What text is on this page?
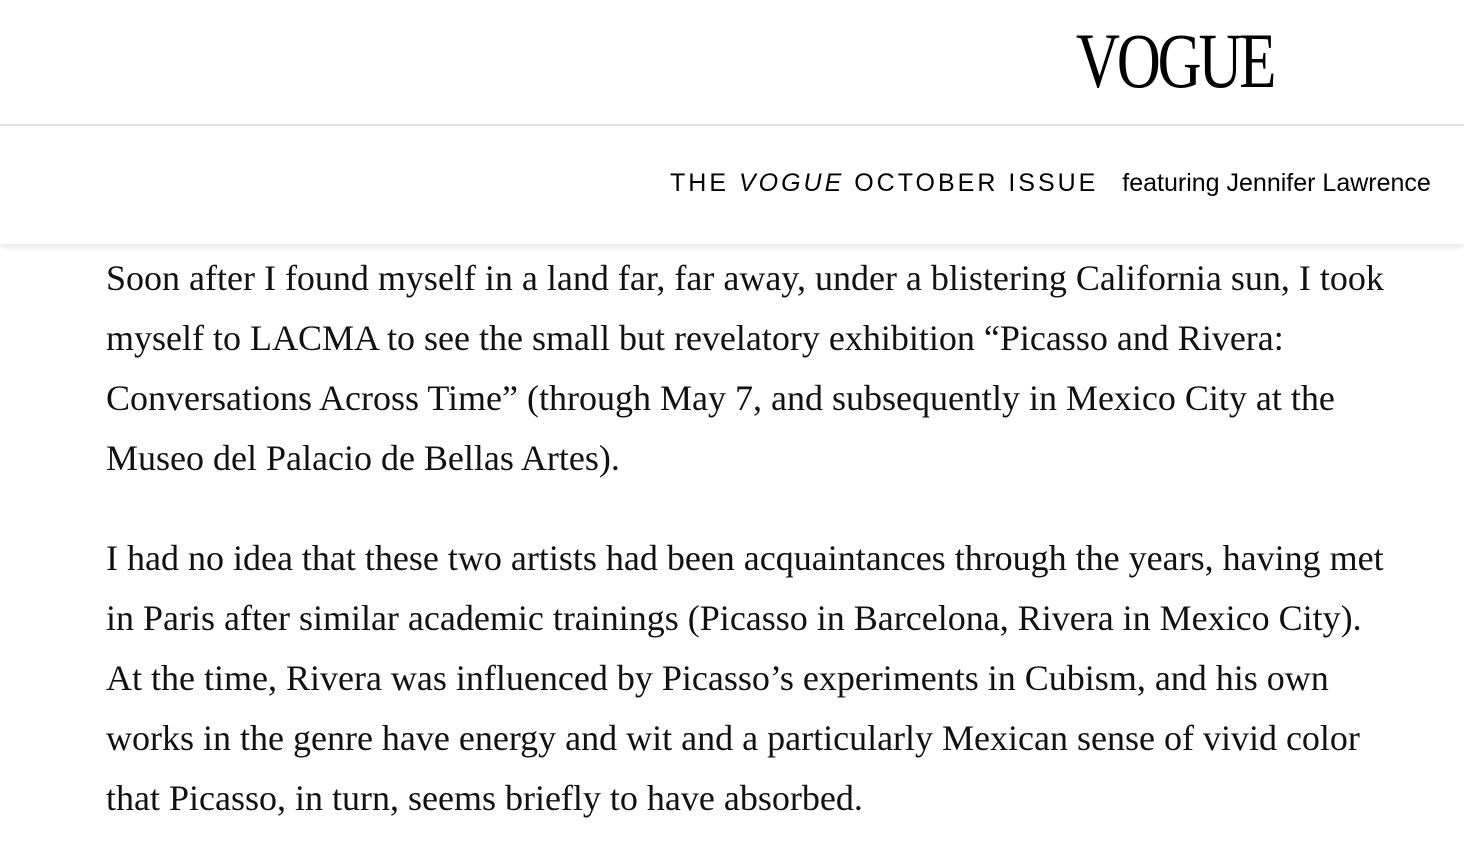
VOGUE
THE VOGUE OCTOBER ISSUE featuring Jennifer Lawrence

Soon after I found myself in a land far, far away, under a blistering California sun, I took myself to LACMA to see the small but revelatory exhibition “Picasso and Rivera: Conversations Across Time” (through May 7, and subsequently in Mexico City at the Museo del Palacio de Bellas Artes).

I had no idea that these two artists had been acquaintances through the years, having met in Paris after similar academic trainings (Picasso in Barcelona, Rivera in Mexico City). At the time, Rivera was influenced by Picasso’s experiments in Cubism, and his own works in the genre have energy and wit and a particularly Mexican sense of vivid color that Picasso, in turn, seems briefly to have absorbed.
